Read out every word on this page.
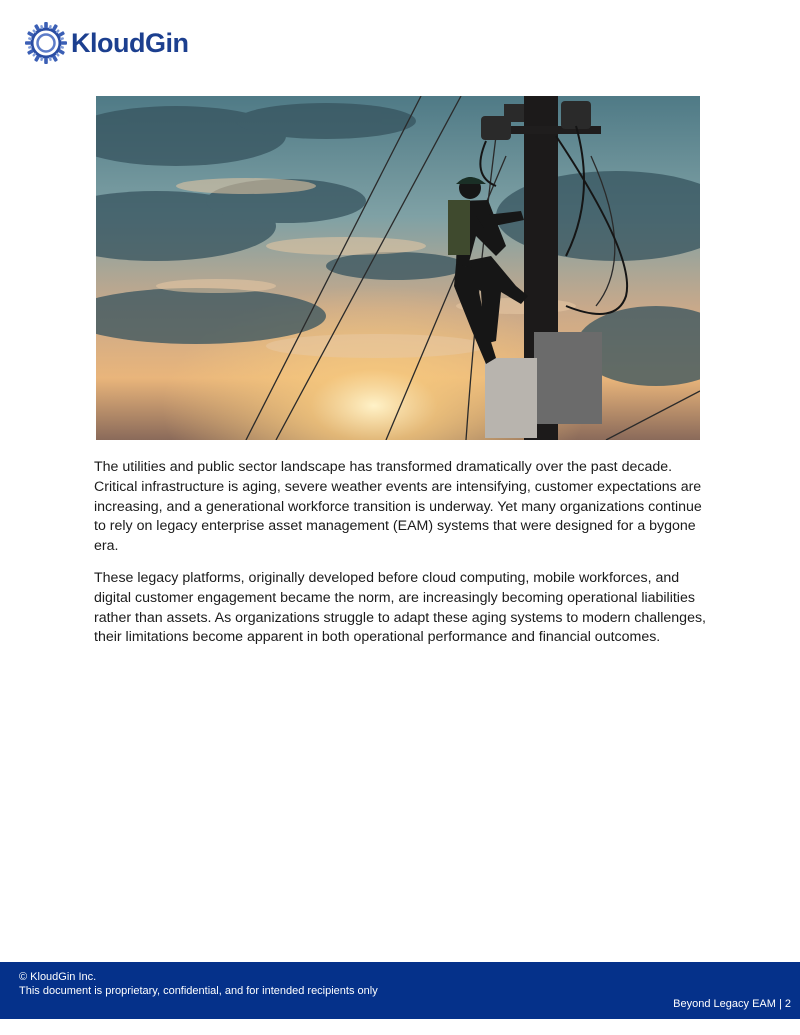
KloudGin

The utilities and public sector landscape has transformed dramatically over the past decade. Critical infrastructure is aging, severe weather events are intensifying, customer expectations are increasing, and a generational workforce transition is underway. Yet many organizations continue to rely on legacy enterprise asset management (EAM) systems that were designed for a bygone era.

These legacy platforms, originally developed before cloud computing, mobile workforces, and digital customer engagement became the norm, are increasingly becoming operational liabilities rather than assets. As organizations struggle to adapt these aging systems to modern challenges, their limitations become apparent in both operational performance and financial outcomes.

© KloudGin Inc.
This document is proprietary, confidential, and for intended recipients only
Beyond Legacy EAM | 2
